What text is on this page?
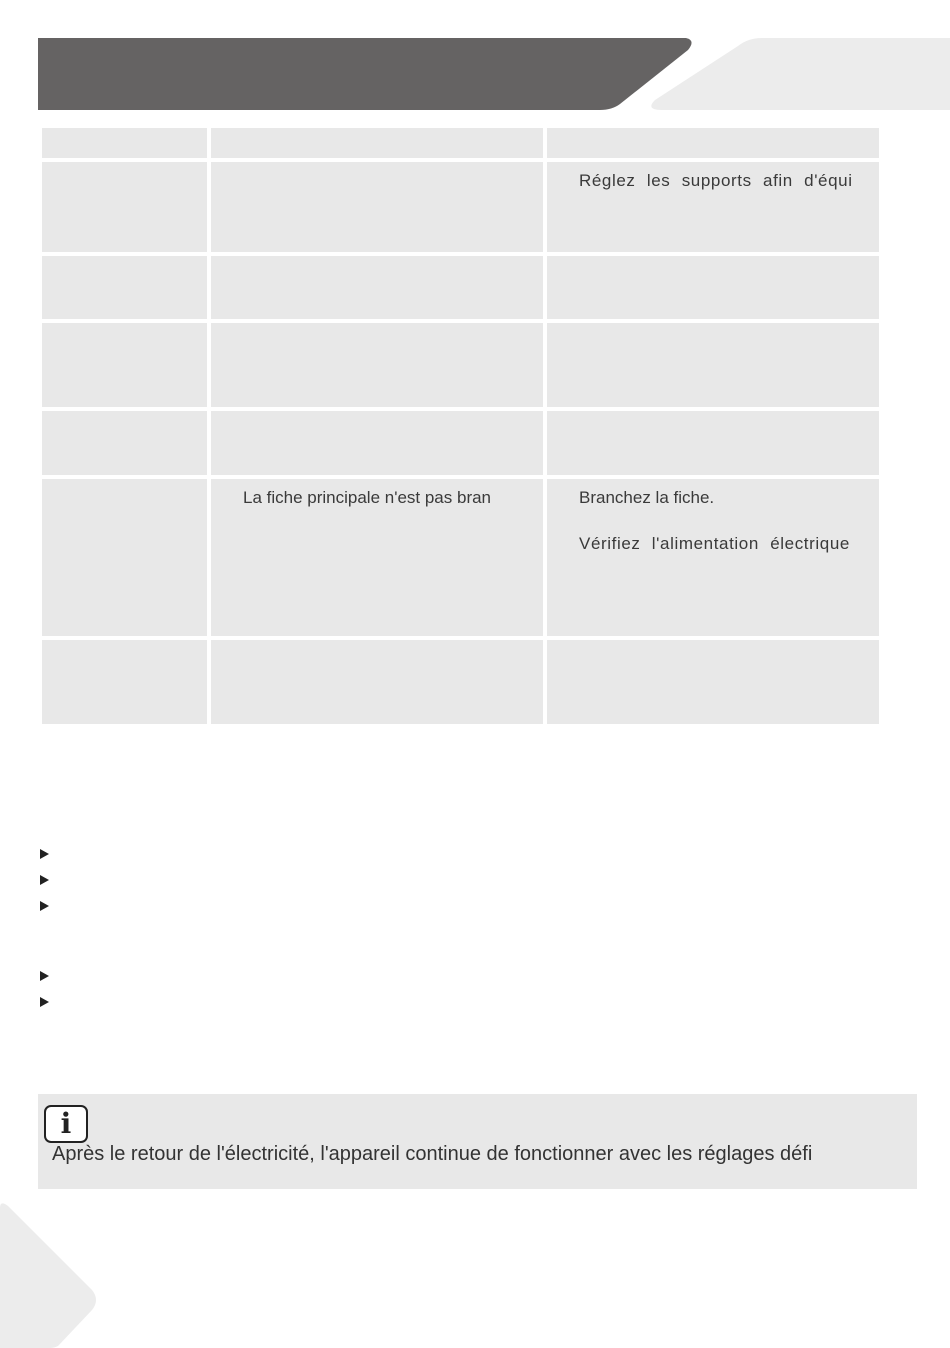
		Réglez les supports afin d'équi

	La fiche principale n'est pas bran	Branchez la fiche.
Vérifiez l'alimentation électrique

i
Après le retour de l'électricité, l'appareil continue de fonctionner avec les réglages défi
